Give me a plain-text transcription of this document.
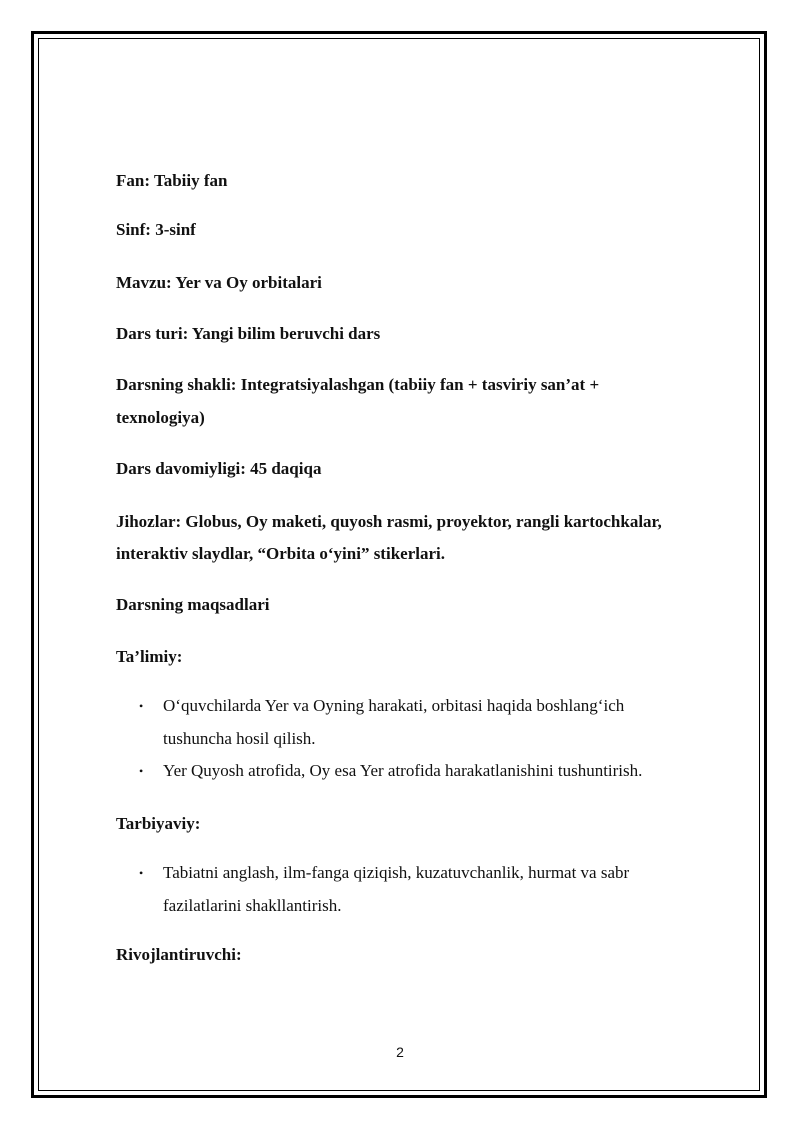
Fan: Tabiiy fan
Sinf: 3-sinf
Mavzu: Yer va Oy orbitalari
Dars turi: Yangi bilim beruvchi dars
Darsning shakli: Integratsiyalashgan (tabiiy fan + tasviriy san’at +
texnologiya)
Dars davomiyligi: 45 daqiqa
Jihozlar: Globus, Oy maketi, quyosh rasmi, proyektor, rangli kartochkalar,
interaktiv slaydlar, “Orbita o‘yini” stikerlari.
Darsning maqsadlari
Ta’limiy:
• O‘quvchilarda Yer va Oyning harakati, orbitasi haqida boshlang‘ich
tushuncha hosil qilish.
• Yer Quyosh atrofida, Oy esa Yer atrofida harakatlanishini tushuntirish.
Tarbiyaviy:
• Tabiatni anglash, ilm-fanga qiziqish, kuzatuvchanlik, hurmat va sabr
fazilatlarini shakllantirish.
Rivojlantiruvchi:
2
